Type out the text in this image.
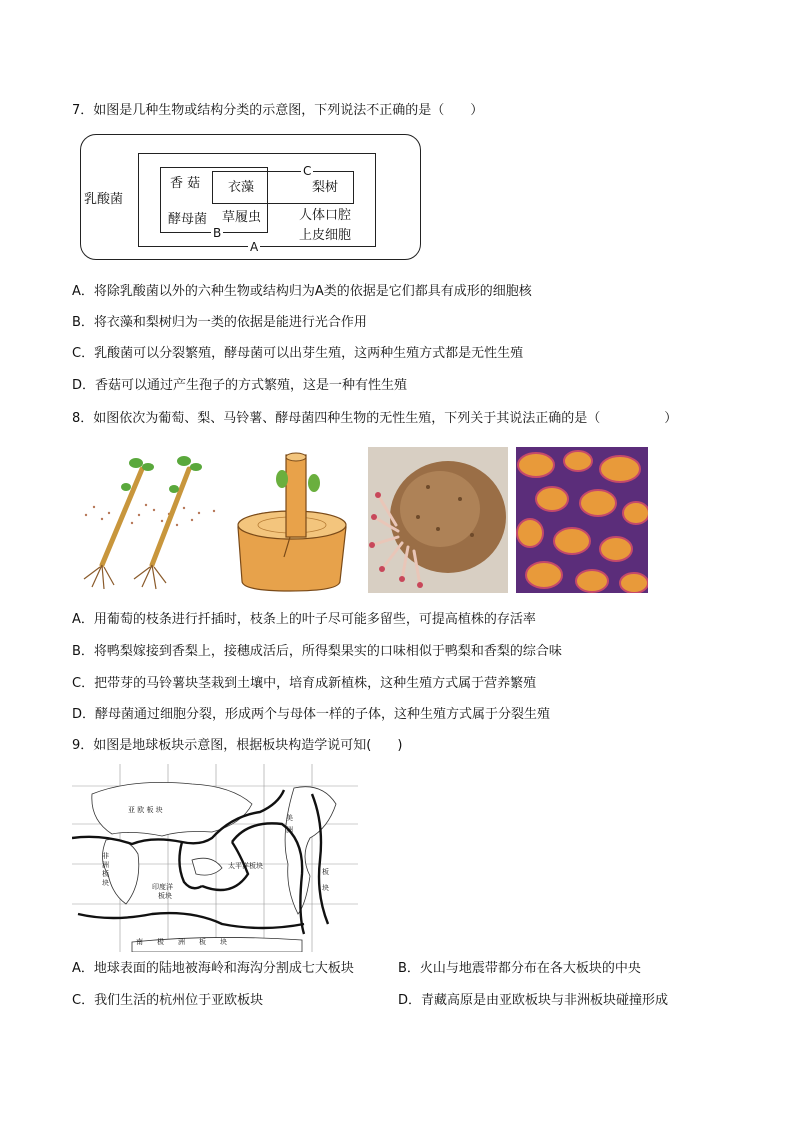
7．如图是几种生物或结构分类的示意图，下列说法不正确的是（　　）
乳酸菌
香 菇 衣藻	梨树
酵母菌 草履虫	人体口腔
上皮细胞
A
B
C
A．将除乳酸菌以外的六种生物或结构归为A类的依据是它们都具有成形的细胞核
B．将衣藻和梨树归为一类的依据是能进行光合作用
C．乳酸菌可以分裂繁殖，酵母菌可以出芽生殖，这两种生殖方式都是无性生殖
D．香菇可以通过产生孢子的方式繁殖，这是一种有性生殖
8．如图依次为葡萄、梨、马铃薯、酵母菌四种生物的无性生殖，下列关于其说法正确的是（	）
A．用葡萄的枝条进行扦插时，枝条上的叶子尽可能多留些，可提高植株的存活率
B．将鸭梨嫁接到香梨上，接穗成活后，所得梨果实的口味相似于鸭梨和香梨的综合味
C．把带芽的马铃薯块茎栽到土壤中，培育成新植株，这种生殖方式属于营养繁殖
D．酵母菌通过细胞分裂，形成两个与母体一样的子体，这种生殖方式属于分裂生殖
9．如图是地球板块示意图，根据板块构造学说可知(　　)
亚 欧 板 块
非
洲
板
块	印度洋
板块
太平洋板块
美
洲
板
块
南　　极　　洲　　板　　块
A．地球表面的陆地被海岭和海沟分割成七大板块	B．火山与地震带都分布在各大板块的中央
C．我们生活的杭州位于亚欧板块	D．青藏高原是由亚欧板块与非洲板块碰撞形成
